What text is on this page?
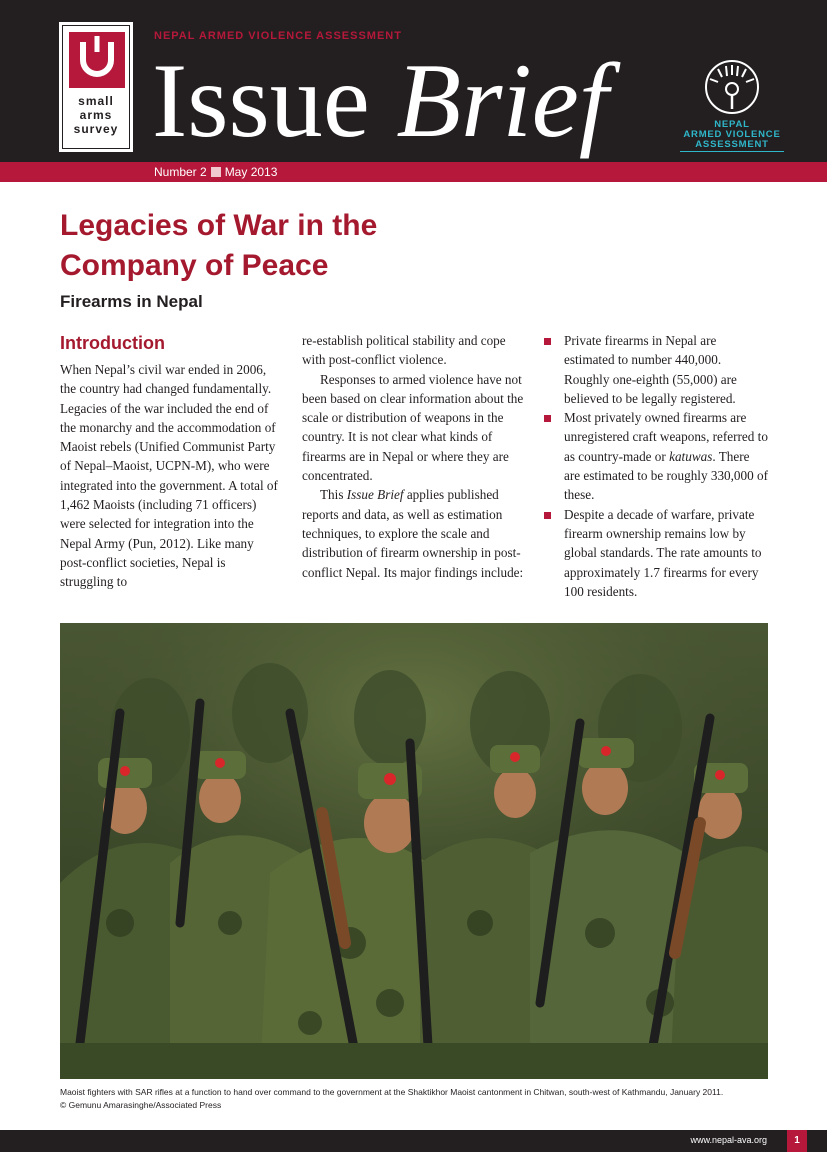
small
arms
survey
NEPAL ARMED VIOLENCE ASSESSMENT
Issue Brief
Number 2 May 2013
NEPAL
ARMED VIOLENCE
ASSESSMENT
Legacies of War in the
Company of Peace
Firearms in Nepal
Introduction

When Nepal’s civil war ended in 2006, the country had changed fundamentally. Legacies of the war included the end of the monarchy and the accommodation of Maoist rebels (Unified Communist Party of Nepal–Maoist, UCPN-M), who were integrated into the government. A total of 1,462 Maoists (including 71 officers) were selected for integration into the Nepal Army (Pun, 2012). Like many post-conflict societies, Nepal is struggling to

re-establish political stability and cope with post-conflict violence.

Responses to armed violence have not been based on clear information about the scale or distribution of weapons in the country. It is not clear what kinds of firearms are in Nepal or where they are concentrated.

This Issue Brief applies published reports and data, as well as estimation techniques, to explore the scale and distribution of firearm ownership in post-conflict Nepal. Its major findings include:

Private firearms in Nepal are estimated to number 440,000. Roughly one-eighth (55,000) are believed to be legally registered.
Most privately owned firearms are unregistered craft weapons, referred to as country-made or katuwas. There are estimated to be roughly 330,000 of these.
Despite a decade of warfare, private firearm ownership remains low by global standards. The rate amounts to approximately 1.7 firearms for every 100 residents.
Maoist fighters with SAR rifles at a function to hand over command to the government at the Shaktikhor Maoist cantonment in Chitwan, south-west of Kathmandu, January 2011.
© Gemunu Amarasinghe/Associated Press
www.nepal-ava.org	1
